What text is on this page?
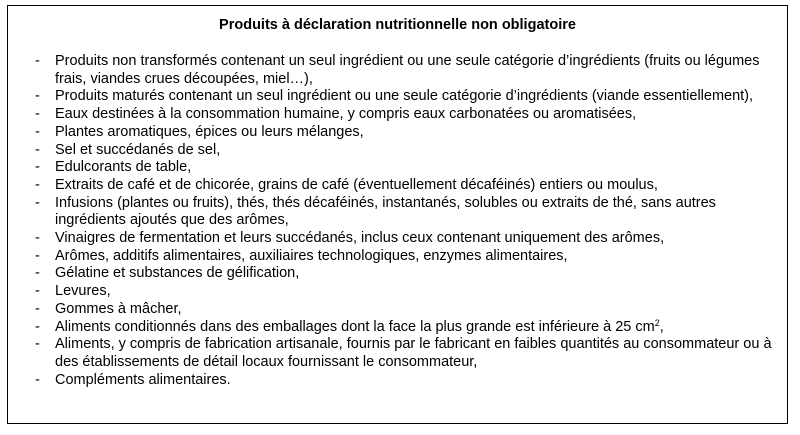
Produits à déclaration nutritionnelle non obligatoire
- Produits non transformés contenant un seul ingrédient ou une seule catégorie d’ingrédients (fruits ou légumes frais, viandes crues découpées, miel…),
- Produits maturés contenant un seul ingrédient ou une seule catégorie d’ingrédients (viande essentiellement),
- Eaux destinées à la consommation humaine, y compris eaux carbonatées ou aromatisées,
- Plantes aromatiques, épices ou leurs mélanges,
- Sel et succédanés de sel,
- Edulcorants de table,
- Extraits de café et de chicorée, grains de café (éventuellement décaféinés) entiers ou moulus,
- Infusions (plantes ou fruits), thés, thés décaféinés, instantanés, solubles ou extraits de thé, sans autres ingrédients ajoutés que des arômes,
- Vinaigres de fermentation et leurs succédanés, inclus ceux contenant uniquement des arômes,
- Arômes, additifs alimentaires, auxiliaires technologiques, enzymes alimentaires,
- Gélatine et substances de gélification,
- Levures,
- Gommes à mâcher,
- Aliments conditionnés dans des emballages dont la face la plus grande est inférieure à 25 $cm^2$,
- Aliments, y compris de fabrication artisanale, fournis par le fabricant en faibles quantités au consommateur ou à des établissements de détail locaux fournissant le consommateur,
- Compléments alimentaires.
